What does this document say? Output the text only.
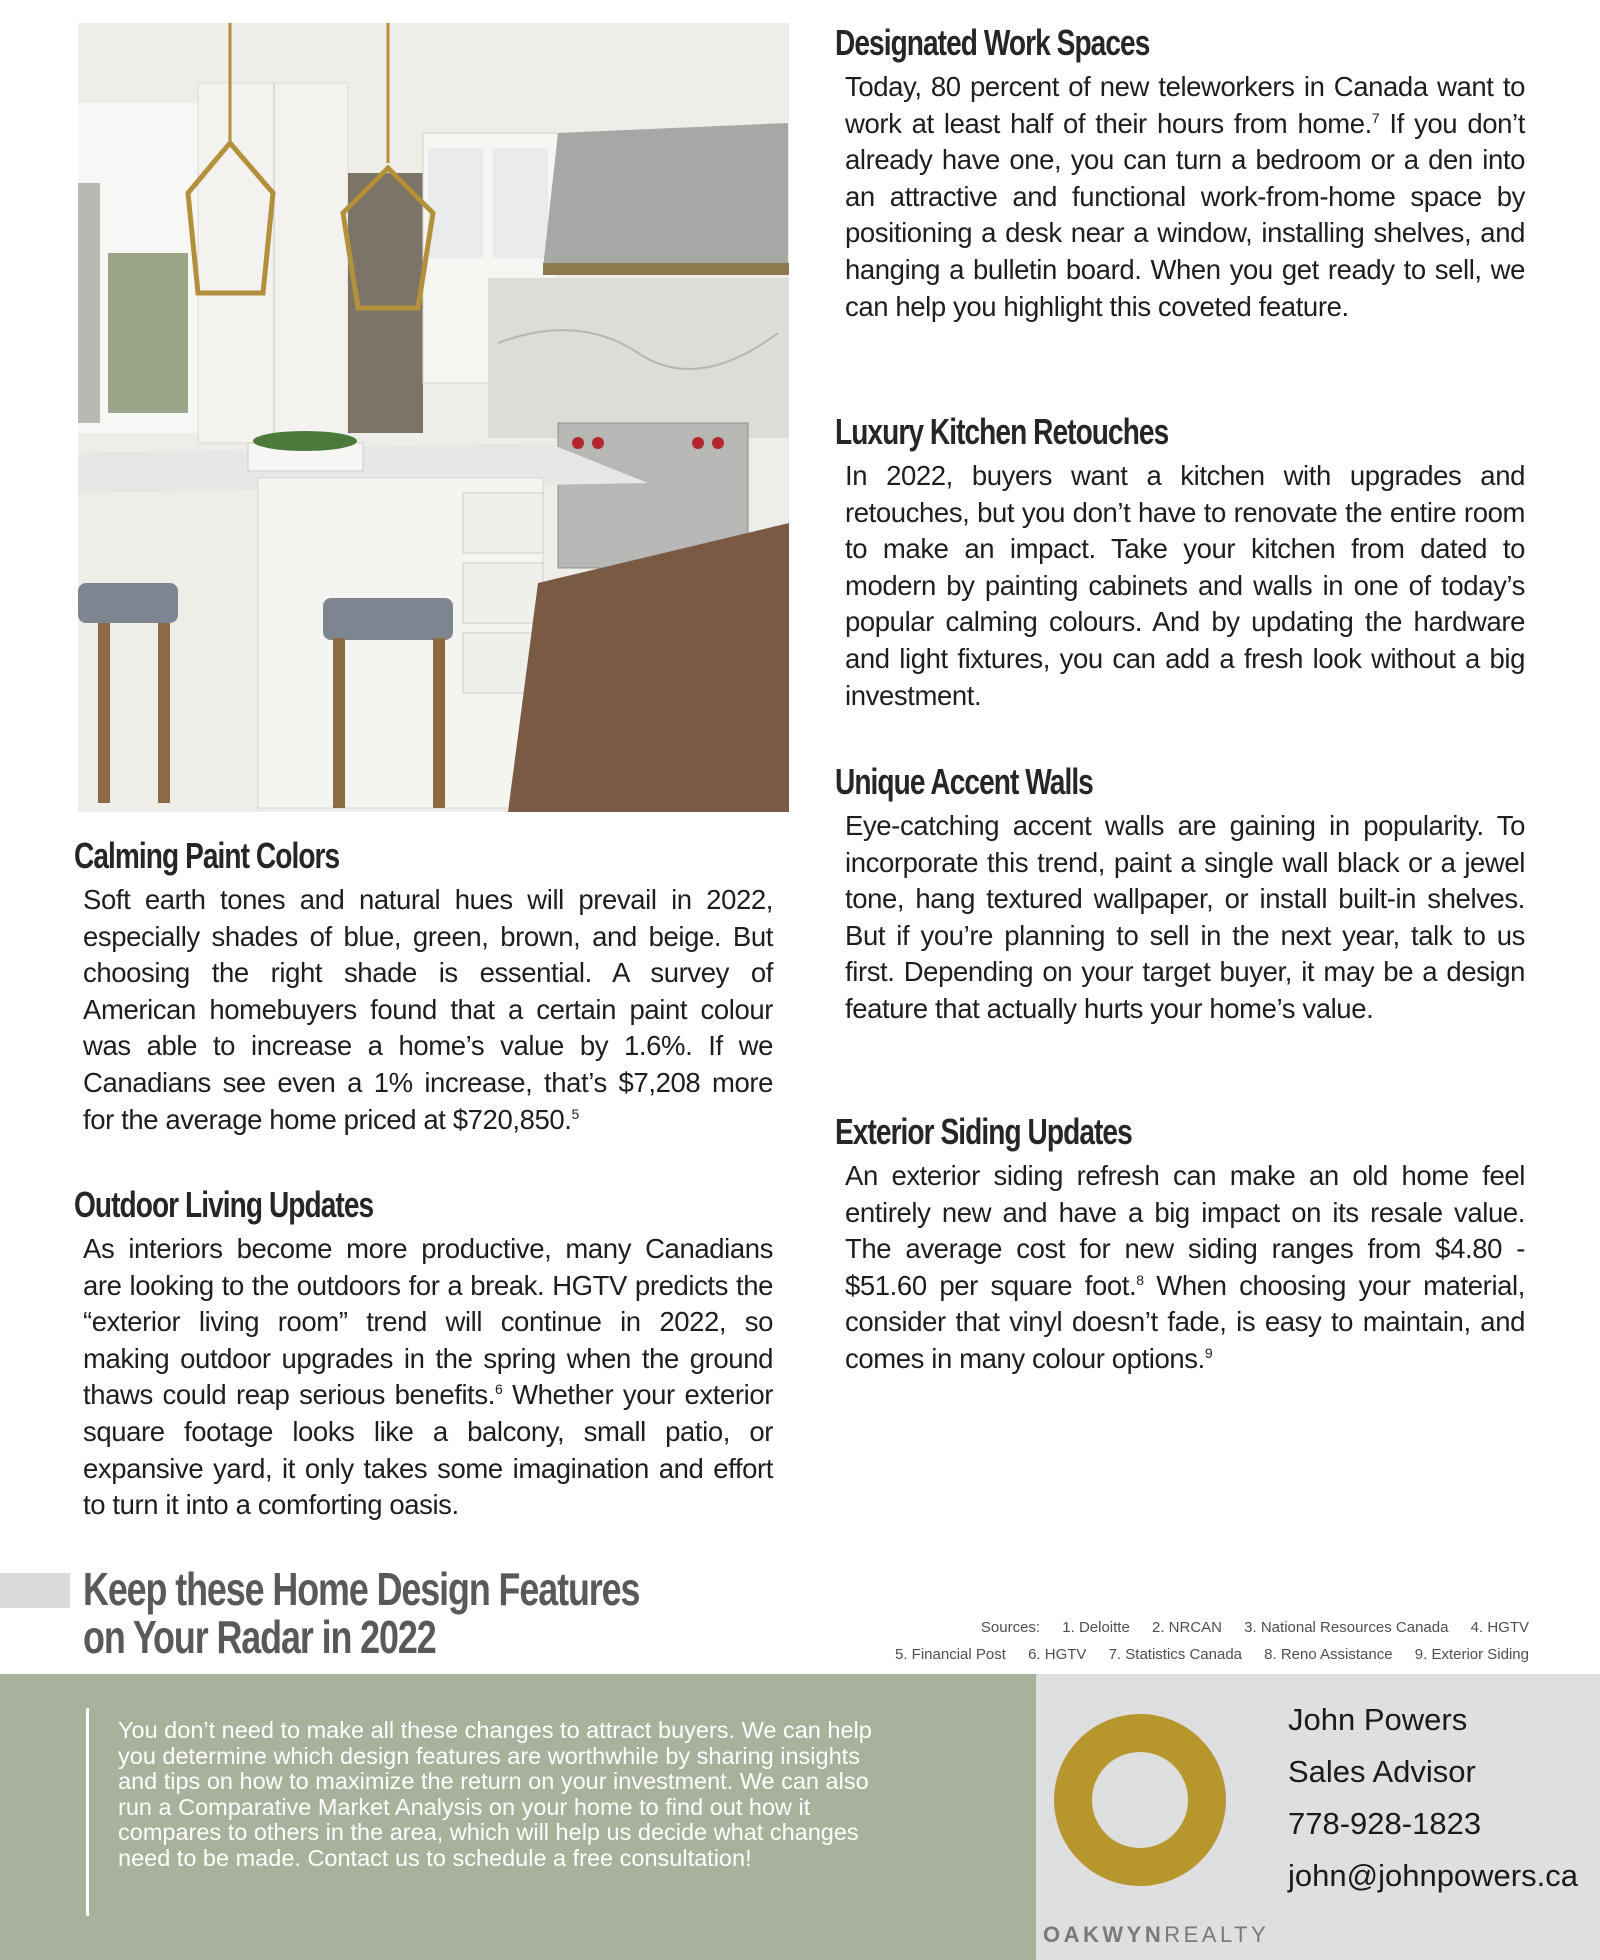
Calming Paint Colors
Soft earth tones and natural hues will prevail in 2022, especially shades of blue, green, brown, and beige. But choosing the right shade is essential. A survey of American homebuyers found that a certain paint colour was able to increase a home’s value by 1.6%. If we Canadians see even a 1% increase, that’s $7,208 more for the average home priced at $720,850.$^5$
Outdoor Living Updates
As interiors become more productive, many Canadians are looking to the outdoors for a break. HGTV predicts the “exterior living room” trend will continue in 2022, so making outdoor upgrades in the spring when the ground thaws could reap serious benefits.$^6$ Whether your exterior square footage looks like a balcony, small patio, or expansive yard, it only takes some imagination and effort to turn it into a comforting oasis.
Designated Work Spaces
Today, 80 percent of new teleworkers in Canada want to work at least half of their hours from home.$^7$ If you don’t already have one, you can turn a bedroom or a den into an attractive and functional work-from-home space by positioning a desk near a window, installing shelves, and hanging a bulletin board. When you get ready to sell, we can help you highlight this coveted feature.
Luxury Kitchen Retouches
In 2022, buyers want a kitchen with upgrades and retouches, but you don’t have to renovate the entire room to make an impact. Take your kitchen from dated to modern by painting cabinets and walls in one of today’s popular calming colours. And by updating the hardware and light fixtures, you can add a fresh look without a big investment.
Unique Accent Walls
Eye-catching accent walls are gaining in popularity. To incorporate this trend, paint a single wall black or a jewel tone, hang textured wallpaper, or install built-in shelves. But if you’re planning to sell in the next year, talk to us first. Depending on your target buyer, it may be a design feature that actually hurts your home’s value.
Exterior Siding Updates
An exterior siding refresh can make an old home feel entirely new and have a big impact on its resale value. The average cost for new siding ranges from $4.80 - $51.60 per square foot.$^8$ When choosing your material, consider that vinyl doesn’t fade, is easy to maintain, and comes in many colour options.$^9$
Keep these Home Design Features
on Your Radar in 2022	Sources: 1. Deloitte 2. NRCAN 3. National Resources Canada 4. HGTV
5. Financial Post 6. HGTV 7. Statistics Canada 8. Reno Assistance 9. Exterior Siding
You don’t need to make all these changes to attract buyers. We can help you determine which design features are worthwhile by sharing insights and tips on how to maximize the return on your investment. We can also run a Comparative Market Analysis on your home to find out how it compares to others in the area, which will help us decide what changes need to be made. Contact us to schedule a free consultation!
John Powers
Sales Advisor
778-928-1823
john@johnpowers.ca
OAKWYNREALTY
